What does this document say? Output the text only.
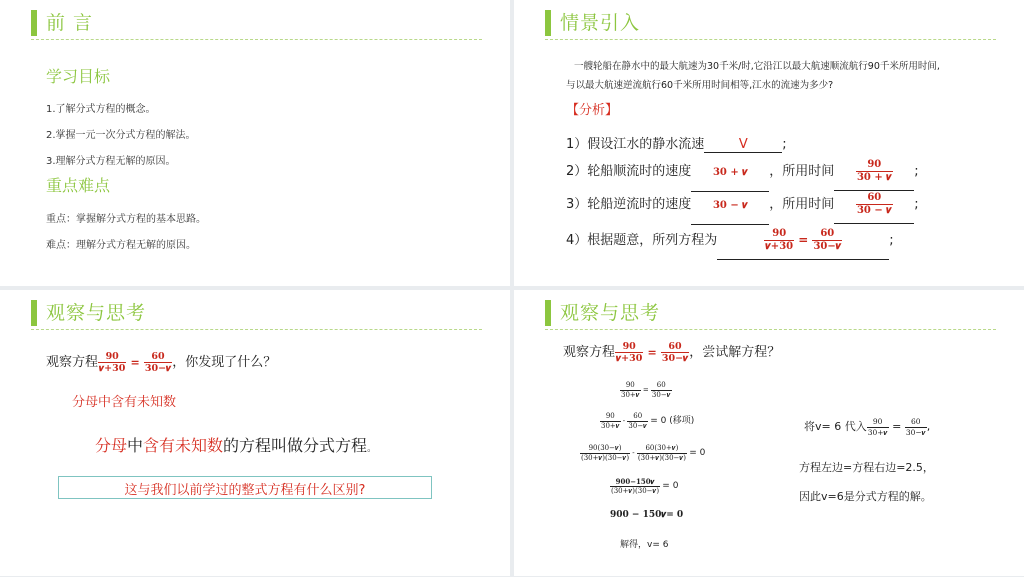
前 言
学习目标
1.了解分式方程的概念。
2.掌握一元一次分式方程的解法。
3.理解分式方程无解的原因。
重点难点
重点：掌握解分式方程的基本思路。
难点：理解分式方程无解的原因。
情景引入
一艘轮船在静水中的最大航速为30千米/时,它沿江以最大航速顺流航行90千米所用时间,
与以最大航速逆流航行60千米所用时间相等,江水的流速为多少?
【分析】
1）假设江水的静水流速	V	;
2）轮船顺流时的速度 30 + 𝒗 ，所用时间 $\frac{90}{\text{30 + 𝒗}}$ ;
3）轮船逆流时的速度 30 − 𝒗 ，所用时间 $\frac{60}{\text{30 − 𝒗}}$ ;
4）根据题意，所列方程为	$\frac{90}{\text{𝒗+30}} = \frac{60}{\text{30−𝒗}}$	;
观察与思考
观察方程 $\frac{90}{\text{𝒗+30}} = \frac{60}{\text{30−𝒗}}$ ，你发现了什么？
分母中含有未知数
分母中含有未知数的方程叫做分式方程。
这与我们以前学过的整式方程有什么区别?
观察与思考
观察方程 $\frac{90}{\text{𝒗+30}} = \frac{60}{\text{30−𝒗}}$ ，尝试解方程？
$\frac{90}{\text{30+𝒗}} = \frac{60}{\text{30−𝒗}}$
$\frac{90}{\text{30+𝒗}} - \frac{60}{\text{30−𝒗}} = 0$ (移项)
$\frac{\text{90(30−𝒗)}}{\text{(30+𝒗)(30−𝒗)}} - \frac{\text{60(30+𝒗)}}{\text{(30+𝒗)(30−𝒗)}} = 0$
$\frac{\text{900−150𝒗}}{\text{(30+𝒗)(30−𝒗)}} = 0$
900 − 150𝒗= 0
解得，v= 6
将v= 6 代入 $\frac{90}{\text{30+𝒗}} = \frac{60}{\text{30−𝒗}}$ ,
方程左边=方程右边=2.5，
因此v=6是分式方程的解。
